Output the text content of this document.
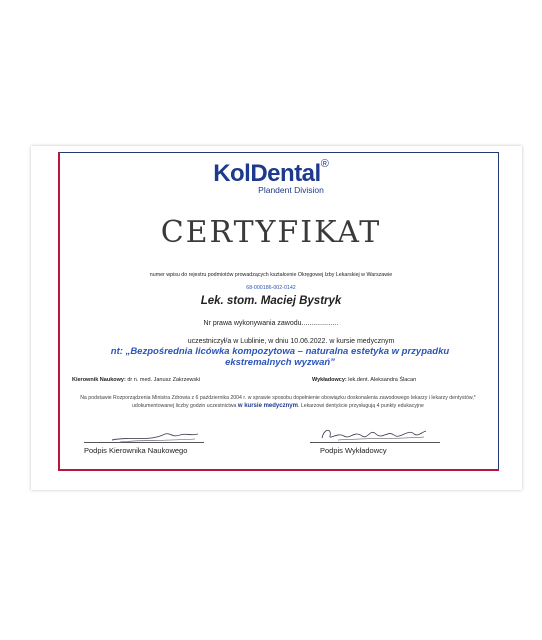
KolDental®
Plandent Division
CERTYFIKAT
numer wpisu do rejestru podmiotów prowadzących kształcenie Okręgowej Izby Lekarskiej w Warszawie
68-000186-002-0142
Lek. stom. Maciej Bystryk
Nr prawa wykonywania zawodu...................
uczestniczył/a w Lublinie, w dniu 10.06.2022. w kursie medycznym
nt: „Bezpośrednia licówka kompozytowa – naturalna estetyka w przypadku ekstremalnych wyzwań”
Kierownik Naukowy: dr n. med. Janusz Zakrzewski	Wykładowcy: lek.dent. Aleksandra Ślacan
Na podstawie Rozporządzenia Ministra Zdrowia z 6 października 2004 r. w sprawie sposobu dopełnienie obowiązku doskonalenia zawodowego lekarzy i lekarzy dentystów,* udokumentowanej liczby godzin uczestnictwa w kursie medycznym. Lekarzowi dentyście przysługują 4 punkty edukacyjne
Podpis Kierownika Naukowego	Podpis Wykładowcy
